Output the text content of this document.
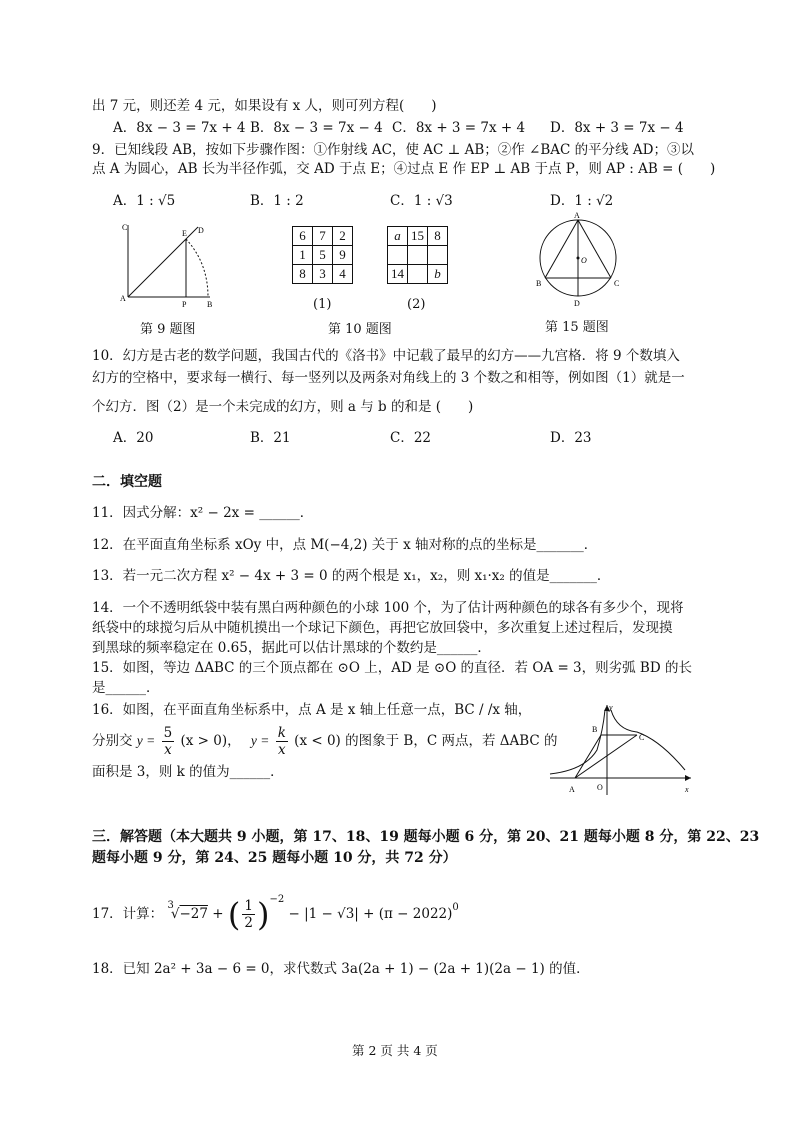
出 7 元，则还差 4 元，如果设有 x 人，则可列方程(　　)
A．8x − 3 = 7x + 4 B．8x − 3 = 7x − 4 C．8x + 3 = 7x + 4 D．8x + 3 = 7x − 4
9．已知线段 AB，按如下步骤作图：①作射线 AC，使 AC ⊥ AB；②作 ∠BAC 的平分线 AD；③以
点 A 为圆心，AB 长为半径作弧，交 AD 于点 E；④过点 E 作 EP ⊥ AB 于点 P，则 AP : AB = (　　)
A．1 : √5	B．1 : 2	C．1 : √3	D．1 : √2
C
E D
A
P	B
6	7	2
1	5	9
8	3	4
(1)
a	15	8

14		b
(2)
A
O
B	C
D
第 9 题图	第 10 题图	第 15 题图
10．幻方是古老的数学问题，我国古代的《洛书》中记载了最早的幻方——九宫格．将 9 个数填入
幻方的空格中，要求每一横行、每一竖列以及两条对角线上的 3 个数之和相等，例如图（1）就是一
个幻方．图（2）是一个未完成的幻方，则 a 与 b 的和是 (　　)
A．20	B．21	C．22	D．23
二．填空题
11．因式分解：x² − 2x = ______．
12．在平面直角坐标系 xOy 中，点 M(−4,2) 关于 x 轴对称的点的坐标是_______．
13．若一元二次方程 x² − 4x + 3 = 0 的两个根是 x₁，x₂，则 x₁·x₂ 的值是_______．
14．一个不透明纸袋中装有黑白两种颜色的小球 100 个，为了估计两种颜色的球各有多少个，现将
纸袋中的球搅匀后从中随机摸出一个球记下颜色，再把它放回袋中，多次重复上述过程后，发现摸
到黑球的频率稳定在 0.65，据此可以估计黑球的个数约是______．
15．如图，等边 ΔABC 的三个顶点都在 ⊙O 上，AD 是 ⊙O 的直径．若 OA = 3，则劣弧 BD 的长
是______．
16．如图，在平面直角坐标系中，点 A 是 x 轴上任意一点，BC / /x 轴，
分别交 $y = \frac{5}{x} (x > 0)$， $y = \frac{k}{x} (x < 0)$ 的图象于 B，C 两点，若 ΔABC 的
面积是 3，则 k 的值为______．
y
B
C
A	O	x
三．解答题（本大题共 9 小题，第 17、18、19 题每小题 6 分，第 20、21 题每小题 8 分，第 22、23
题每小题 9 分，第 24、25 题每小题 10 分，共 72 分）
17．计算： $^3$√−27 + ( $\frac{1}{2} )^{-2} - |1 - √3| + (\pi - 2022)^0$
18．已知 2a² + 3a − 6 = 0，求代数式 3a(2a + 1) − (2a + 1)(2a − 1) 的值．
第 2 页 共 4 页
